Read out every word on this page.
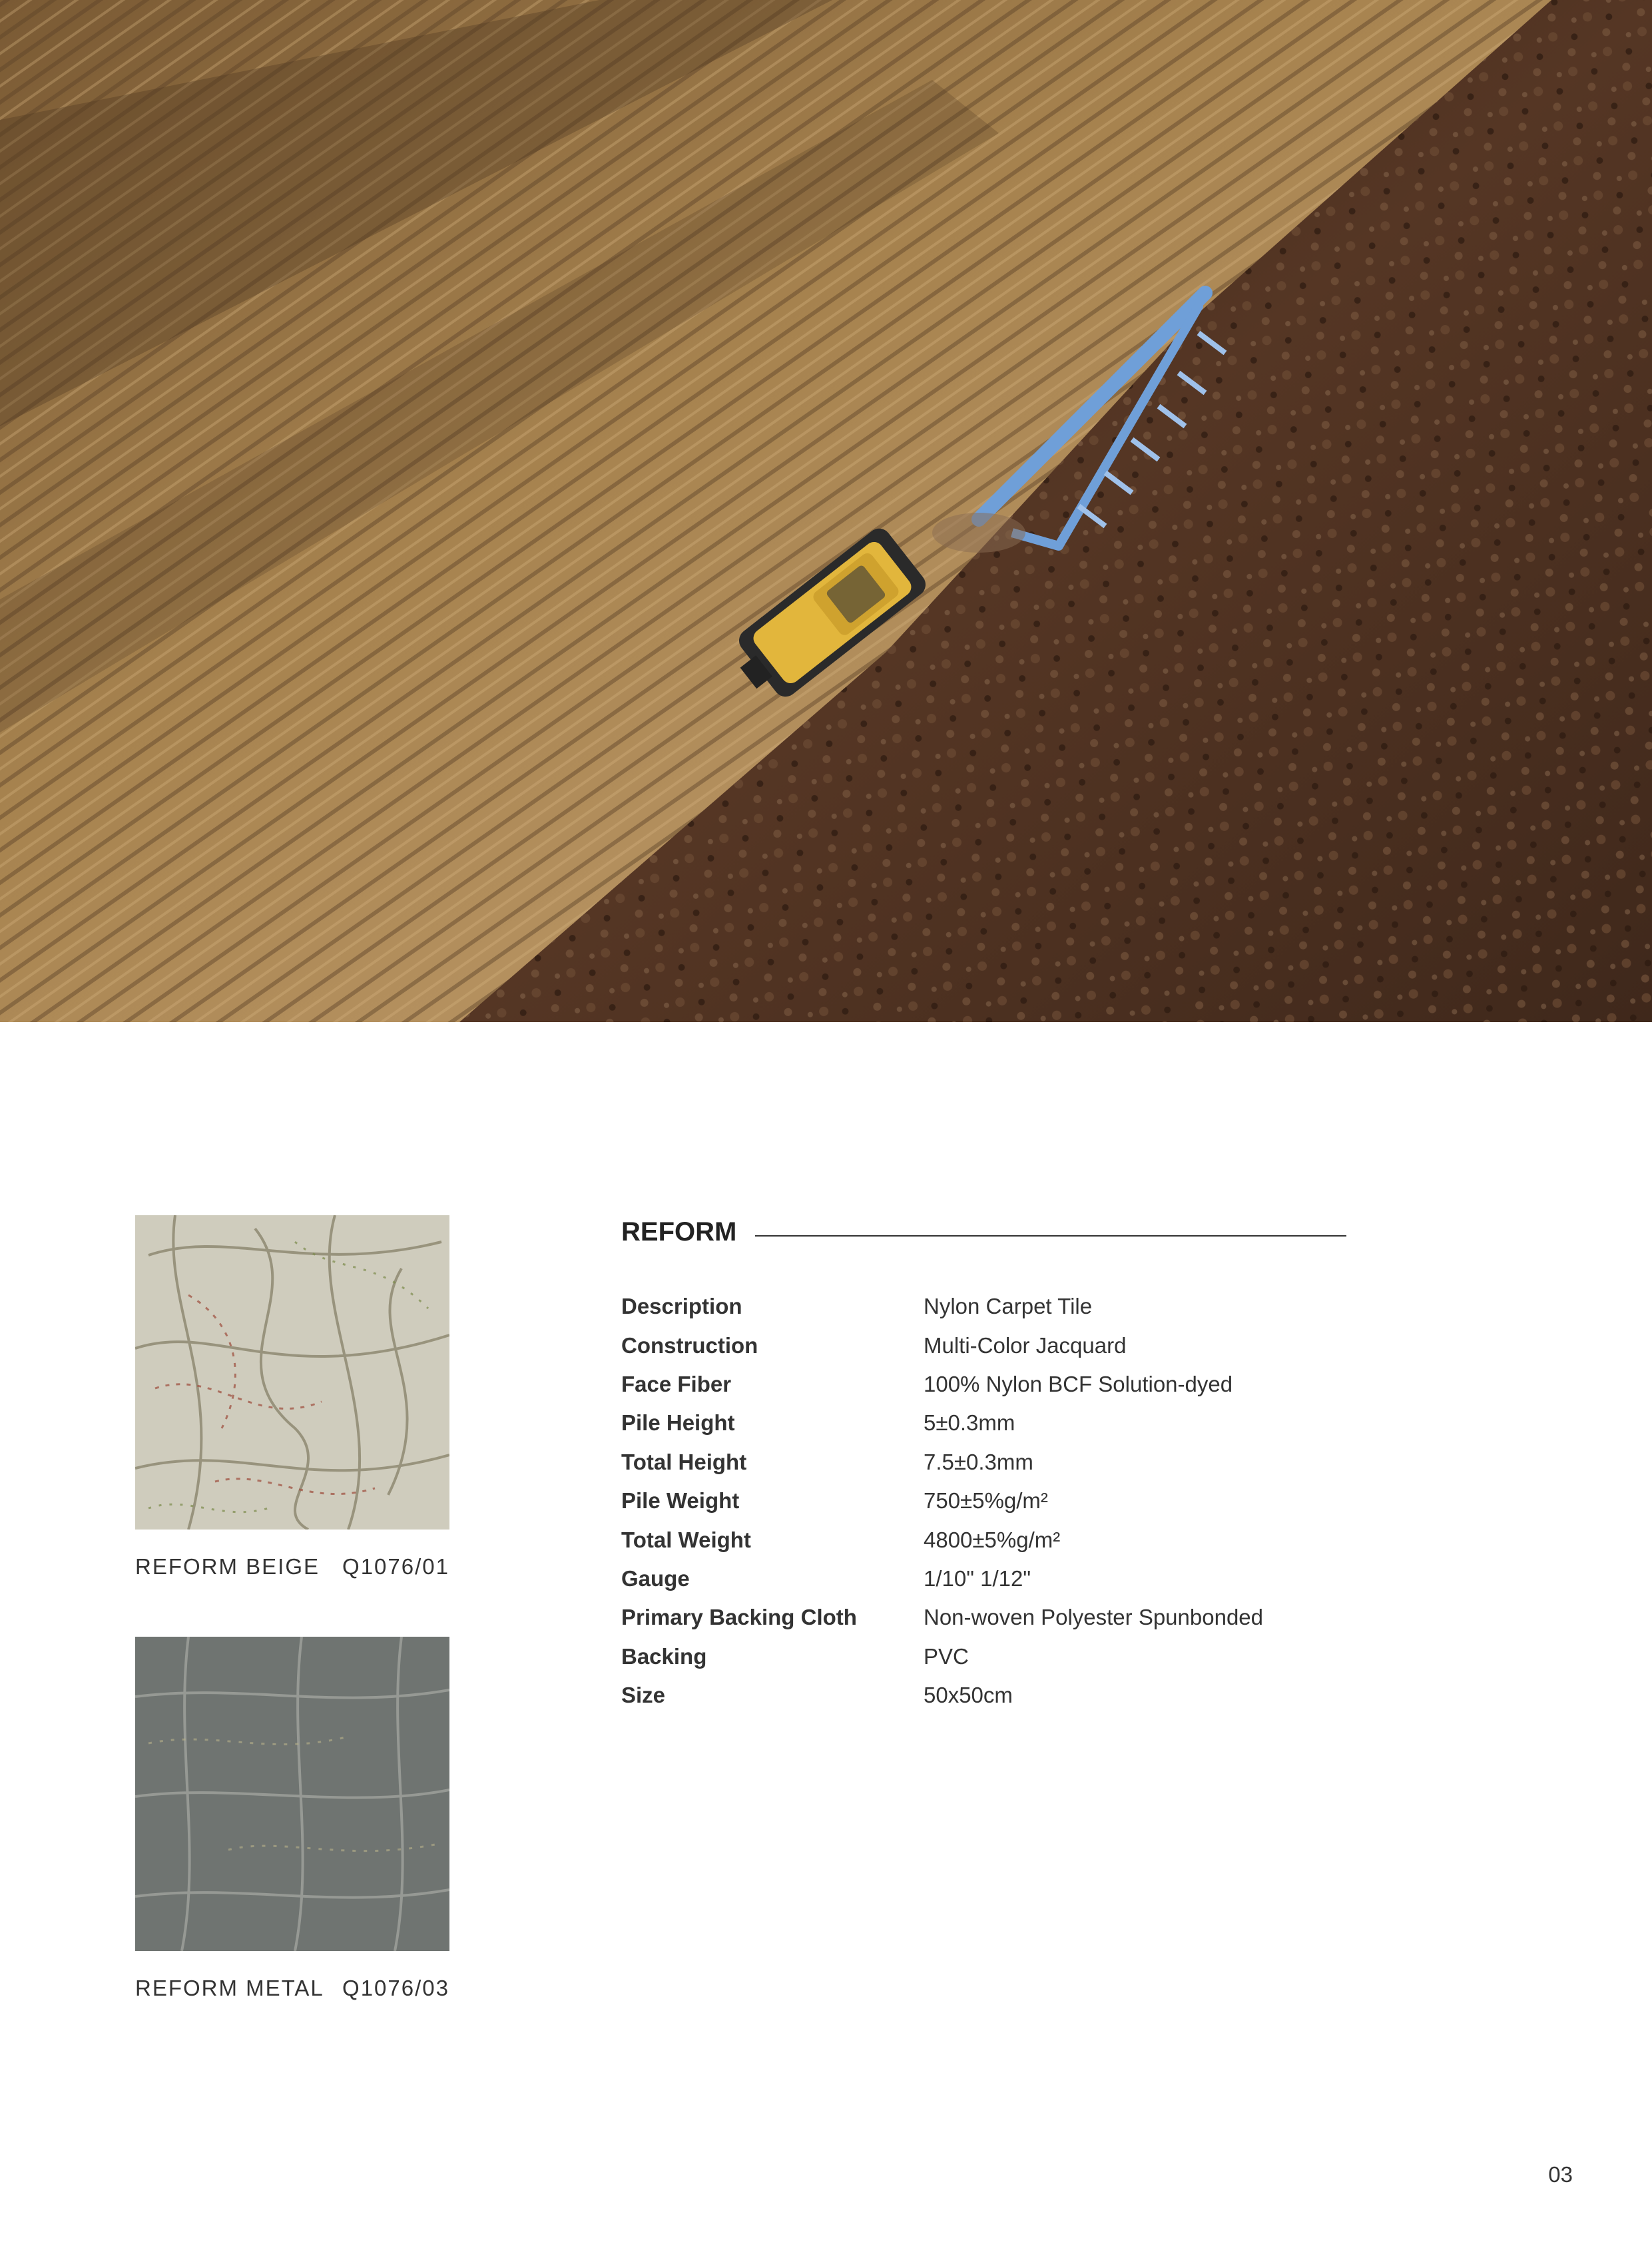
REFORM BEIGE Q1076/01
REFORM METAL Q1076/03
REFORM
Description	Nylon Carpet Tile
Construction	Multi-Color Jacquard
Face Fiber	100% Nylon BCF Solution-dyed
Pile Height	5±0.3mm
Total Height	7.5±0.3mm
Pile Weight	750±5%g/m²
Total Weight	4800±5%g/m²
Gauge	1/10" 1/12"
Primary Backing Cloth	Non-woven Polyester Spunbonded
Backing	PVC
Size	50x50cm
03
